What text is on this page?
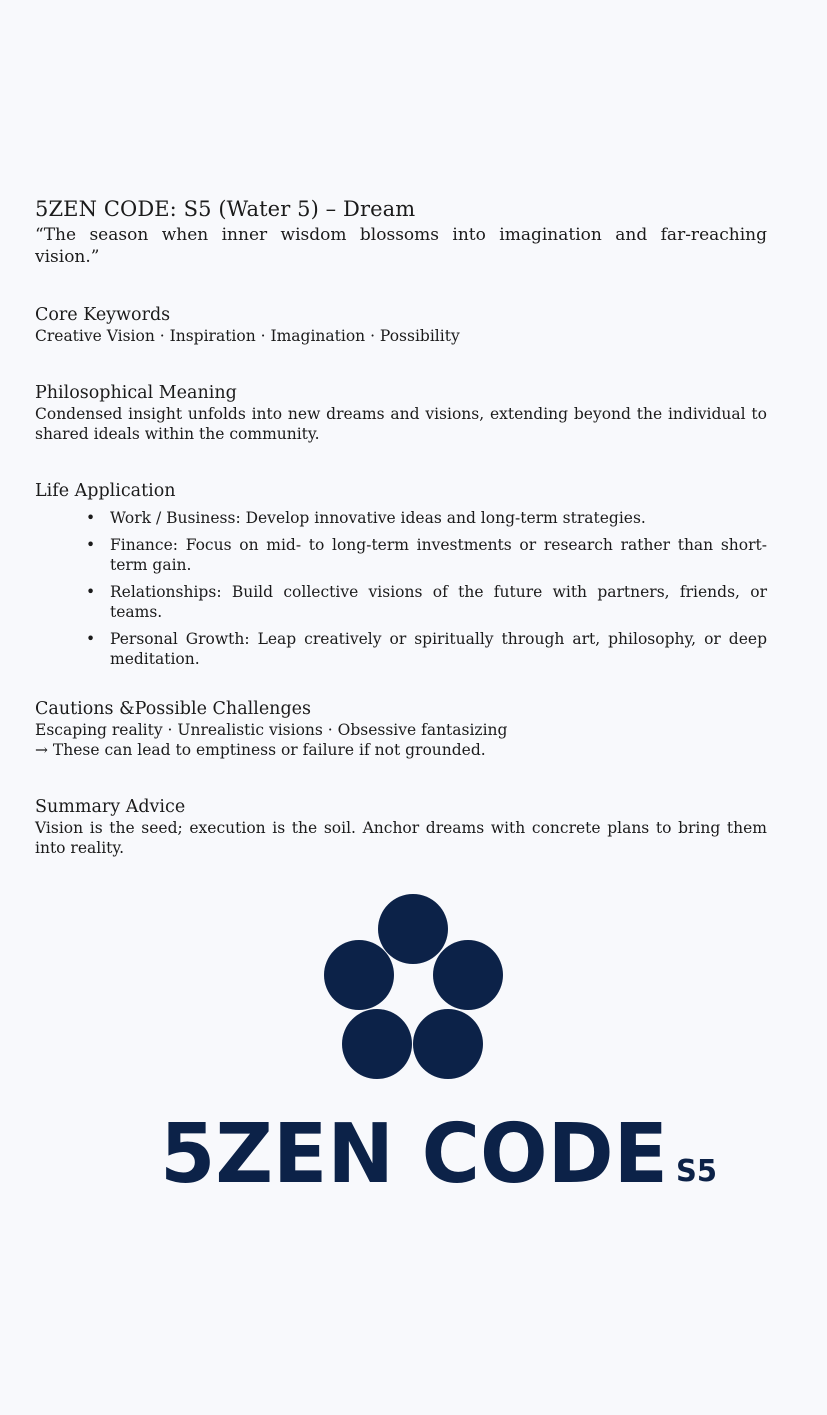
5ZEN CODE: S5 (Water 5) – Dream

“The season when inner wisdom blossoms into imagination and far-reaching vision.”

Core Keywords

Creative Vision · Inspiration · Imagination · Possibility

Philosophical Meaning

Condensed insight unfolds into new dreams and visions, extending beyond the individual to shared ideals within the community.

Life Application
• Work / Business: Develop innovative ideas and long-term strategies.
• Finance: Focus on mid- to long-term investments or research rather than short-term gain.
• Relationships: Build collective visions of the future with partners, friends, or teams.
• Personal Growth: Leap creatively or spiritually through art, philosophy, or deep meditation.
Cautions &Possible Challenges

Escaping reality · Unrealistic visions · Obsessive fantasizing

→ These can lead to emptiness or failure if not grounded.

Summary Advice

Vision is the seed; execution is the soil. Anchor dreams with concrete plans to bring them into reality.

5ZEN CODE S5
